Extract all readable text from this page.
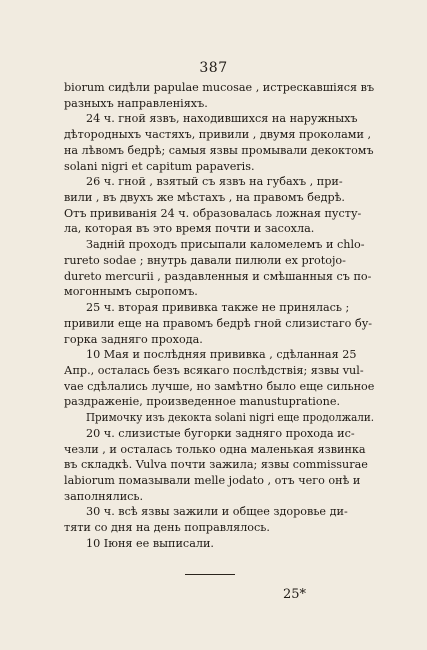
387
biorum сидѣли papulae mucosae , истрескавшіяся въ
разныхъ направленіяхъ.
24 ч. гной язвъ, находившихся на наружныхъ
дѣтородныхъ частяхъ, привили , двумя проколами ,
на лѣвомъ бедрѣ; самыя язвы промывали декоктомъ
solani nigri et capitum papaveris.
26 ч. гной , взятый съ язвъ на губахъ , при-
вили , въ двухъ же мѣстахъ , на правомъ бедрѣ.
Отъ прививанія 24 ч. образовалась ложная пусту-
ла, которая въ это время почти и засохла.
Задній проходъ присыпали каломелемъ и chlo-
rureto sodae ; внутрь давали пилюли ex protojo-
dureto mercurii , раздавленныя и смѣшанныя съ по-
могоннымъ сыропомъ.
25 ч. вторая прививка также не принялась ;
привили еще на правомъ бедрѣ гной слизистаго бу-
горка задняго прохода.
10 Мая и послѣдняя прививка , сдѣланная 25
Апр., осталась безъ всякаго послѣдствія; язвы vul-
vae сдѣлались лучше, но замѣтно было еще сильное
раздраженіе, произведенное manustupratione.
Примочку изъ декокта solani nigri еще продолжали.
20 ч. слизистые бугорки задняго прохода ис-
чезли , и осталась только одна маленькая язвинка
въ складкѣ. Vulva почти зажила; язвы commissurae
labiorum помазывали melle jodato , отъ чего онѣ и
заполнялись.
30 ч. всѣ язвы зажили и общее здоровье ди-
тяти со дня на день поправлялось.
10 Іюня ее выписали.
25*
